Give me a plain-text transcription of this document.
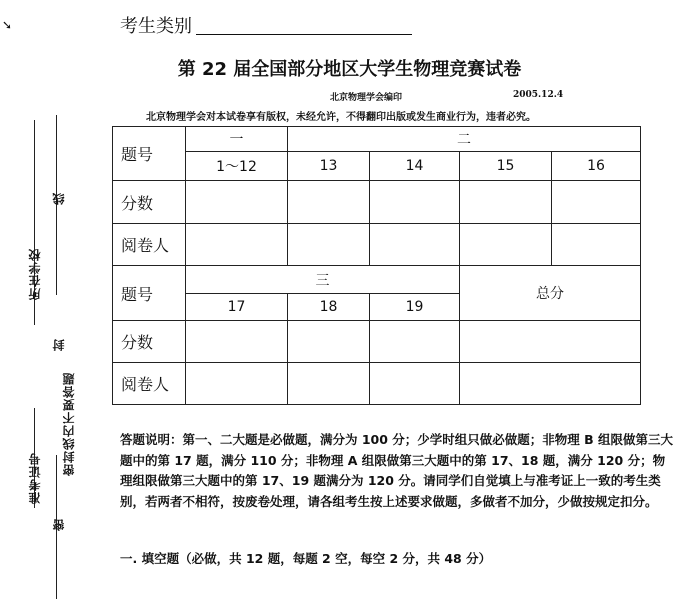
➘
线
所在学校
封
密封线内不要答题
准考证号
密
考生类别
第 22 届全国部分地区大学生物理竞赛试卷
北京物理学会编印	2005.12.4
北京物理学会对本试卷享有版权，未经允许，不得翻印出版或发生商业行为，违者必究。
题号	一	二			
	1～12	13	14	15	16
分数					
阅卷人					
题号	三			总分	
	17	18	19		
分数					
阅卷人					
答题说明：第一、二大题是必做题，满分为 100 分；少学时组只做必做题；非物理 B 组限做第三大题中的第 17 题，满分 110 分；非物理 A 组限做第三大题中的第 17、18 题，满分 120 分；物理组限做第三大题中的第 17、19 题满分为 120 分。请同学们自觉填上与准考证上一致的考生类别，若两者不相符，按废卷处理，请各组考生按上述要求做题，多做者不加分，少做按规定扣分。
一. 填空题（必做，共 12 题，每题 2 空，每空 2 分，共 48 分）
